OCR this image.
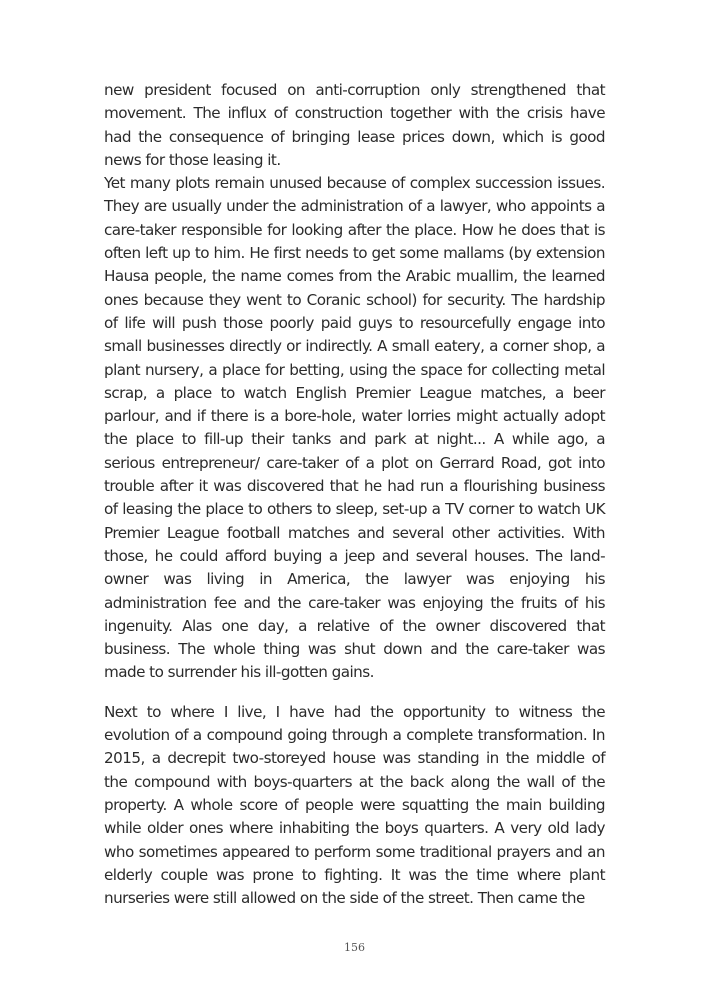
new president focused on anti-corruption only strengthened that movement. The influx of construction together with the crisis have had the consequence of bringing lease prices down, which is good news for those leasing it.

Yet many plots remain unused because of complex succession issues. They are usually under the administration of a lawyer, who appoints a care-taker responsible for looking after the place. How he does that is often left up to him. He first needs to get some mallams (by extension Hausa people, the name comes from the Arabic muallim, the learned ones because they went to Coranic school) for security. The hardship of life will push those poorly paid guys to resourcefully engage into small businesses directly or indirectly. A small eatery, a corner shop, a plant nursery, a place for betting, using the space for collecting metal scrap, a place to watch English Premier League matches, a beer parlour, and if there is a bore-hole, water lorries might actually adopt the place to fill-up their tanks and park at night... A while ago, a serious entrepreneur/ care-taker of a plot on Gerrard Road, got into trouble after it was discovered that he had run a flourishing business of leasing the place to others to sleep, set-up a TV corner to watch UK Premier League football matches and several other activities. With those, he could afford buying a jeep and several houses. The land-owner was living in America, the lawyer was enjoying his administration fee and the care-taker was enjoying the fruits of his ingenuity. Alas one day, a relative of the owner discovered that business. The whole thing was shut down and the care-taker was made to surrender his ill-gotten gains.

Next to where I live, I have had the opportunity to witness the evolution of a compound going through a complete transformation. In 2015, a decrepit two-storeyed house was standing in the middle of the compound with boys-quarters at the back along the wall of the property. A whole score of people were squatting the main building while older ones where inhabiting the boys quarters. A very old lady who sometimes appeared to perform some traditional prayers and an elderly couple was prone to fighting. It was the time where plant nurseries were still allowed on the side of the street. Then came the

156
